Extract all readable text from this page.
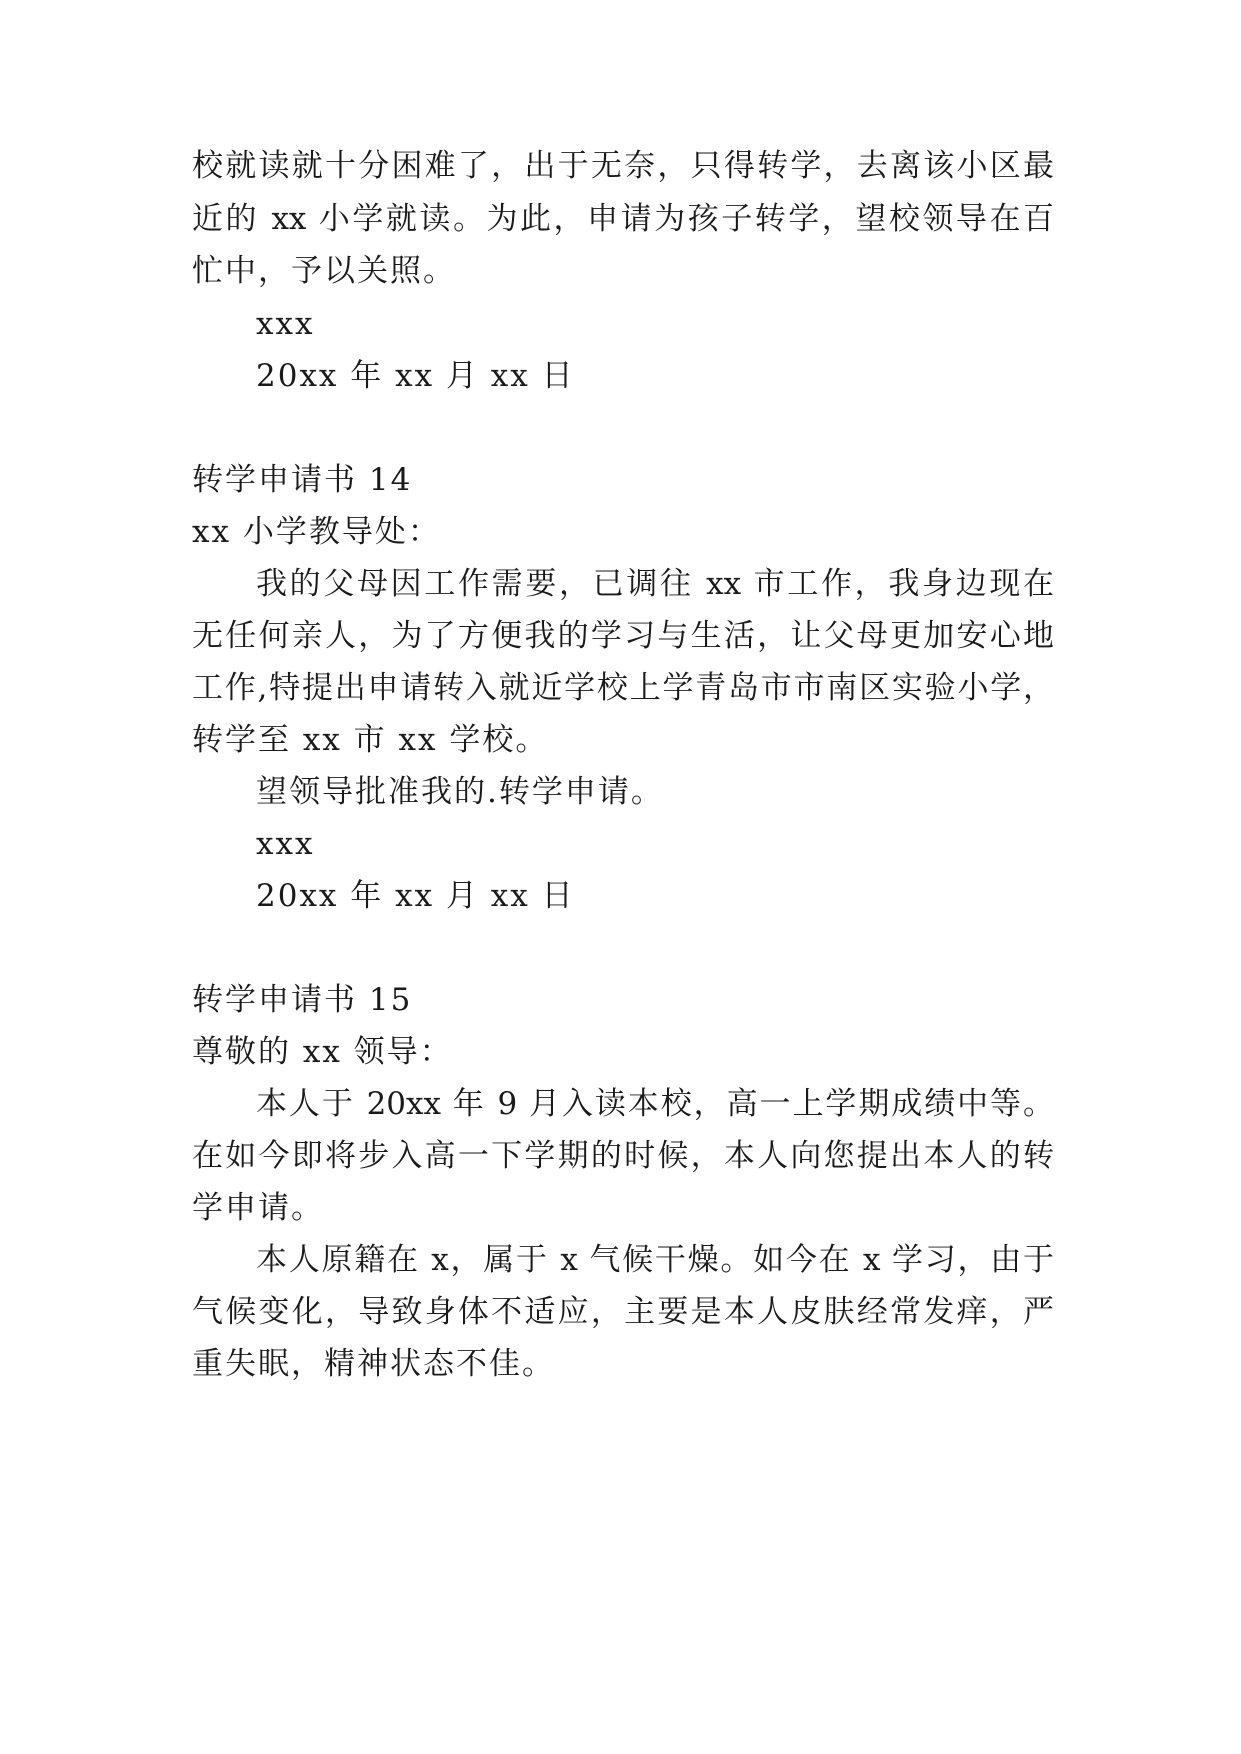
校就读就十分困难了，出于无奈，只得转学，去离该小区最
近的 xx 小学就读。为此，申请为孩子转学，望校领导在百
忙中，予以关照。
xxx
20xx 年 xx 月 xx 日
转学申请书 14
xx 小学教导处：
我的父母因工作需要，已调往 xx 市工作，我身边现在
无任何亲人，为了方便我的学习与生活，让父母更加安心地
工作,特提出申请转入就近学校上学青岛市市南区实验小学，
转学至 xx 市 xx 学校。
望领导批准我的.转学申请。
xxx
20xx 年 xx 月 xx 日
转学申请书 15
尊敬的 xx 领导：
本人于 20xx 年 9 月入读本校，高一上学期成绩中等。
在如今即将步入高一下学期的时候，本人向您提出本人的转
学申请。
本人原籍在 x，属于 x 气候干燥。如今在 x 学习，由于
气候变化，导致身体不适应，主要是本人皮肤经常发痒，严
重失眠，精神状态不佳。
